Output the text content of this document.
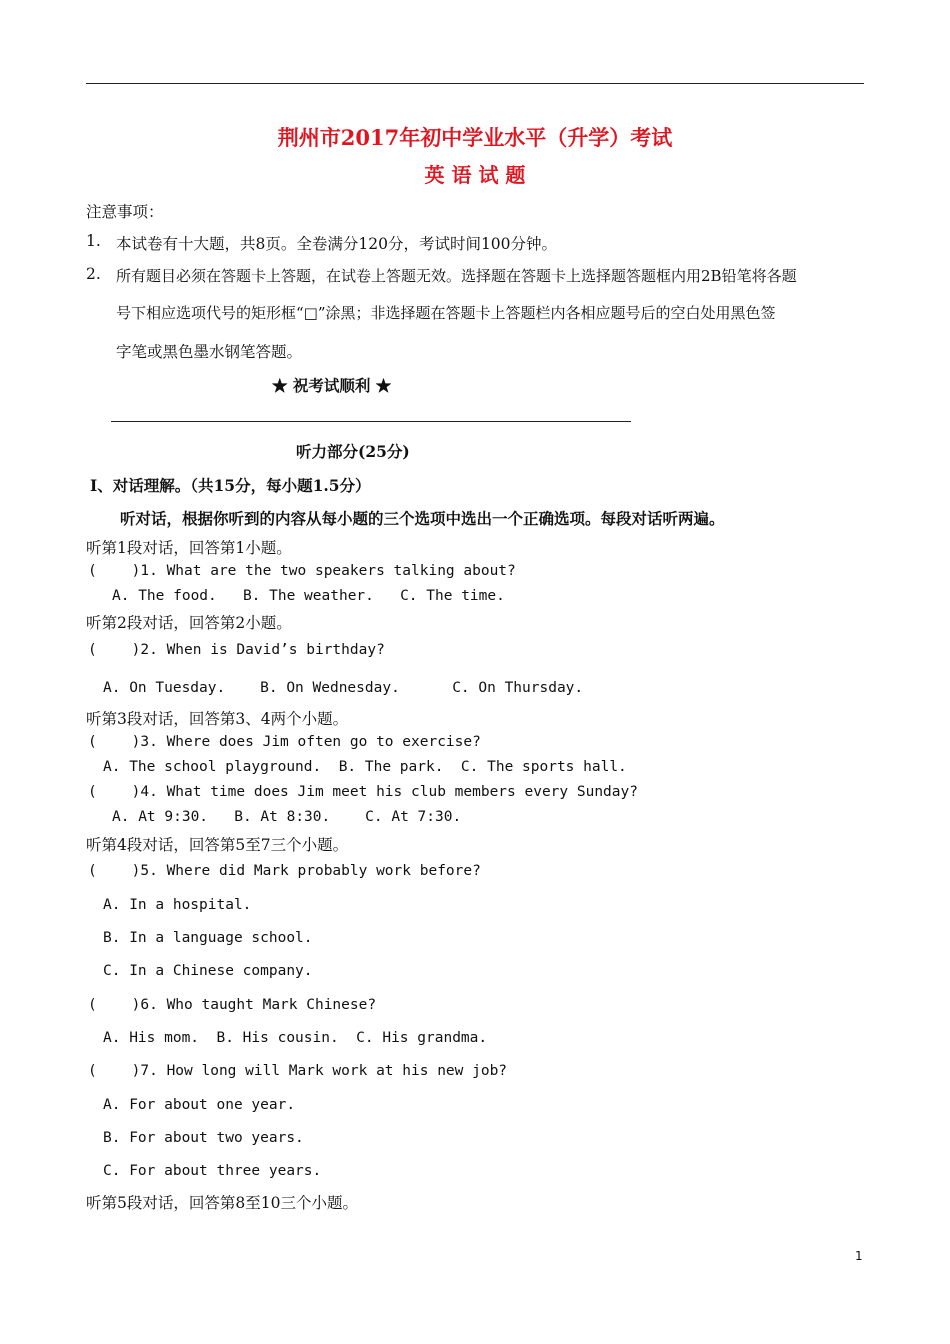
荆州市2017年初中学业水平（升学）考试
英 语 试 题
注意事项：
1. 本试卷有十大题，共8页。全卷满分120分，考试时间100分钟。
2. 所有题目必须在答题卡上答题，在试卷上答题无效。选择题在答题卡上选择题答题框内用2B铅笔将各题
号下相应选项代号的矩形框“□”涂黑；非选择题在答题卡上答题栏内各相应题号后的空白处用黑色签
字笔或黑色墨水钢笔答题。
★ 祝考试顺利 ★
听力部分(25分)
Ⅰ、对话理解。（共15分，每小题1.5分）
听对话，根据你听到的内容从每小题的三个选项中选出一个正确选项。每段对话听两遍。
听第1段对话，回答第1小题。
(    )1. What are the two speakers talking about?
A. The food.   B. The weather.   C. The time.
听第2段对话，回答第2小题。
(    )2. When is David’s birthday?
A. On Tuesday.    B. On Wednesday.      C. On Thursday.
听第3段对话，回答第3、4两个小题。
(    )3. Where does Jim often go to exercise?
A. The school playground.  B. The park.  C. The sports hall.
(    )4. What time does Jim meet his club members every Sunday?
A. At 9:30.   B. At 8:30.    C. At 7:30.
听第4段对话，回答第5至7三个小题。
(    )5. Where did Mark probably work before?
A. In a hospital.
B. In a language school.
C. In a Chinese company.
(    )6. Who taught Mark Chinese?
A. His mom.  B. His cousin.  C. His grandma.
(    )7. How long will Mark work at his new job?
A. For about one year.
B. For about two years.
C. For about three years.
听第5段对话，回答第8至10三个小题。
1
